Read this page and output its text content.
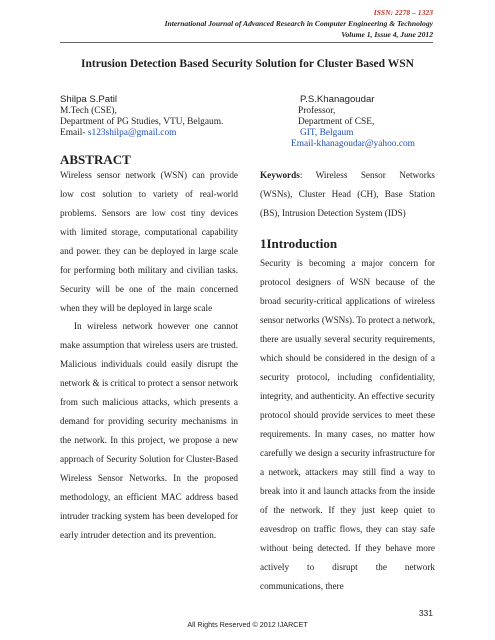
ISSN: 2278 – 1323
International Journal of Advanced Research in Computer Engineering & Technology
Volume 1, Issue 4, June 2012
Intrusion Detection Based Security Solution for Cluster Based WSN
Shilpa S.Patil
M.Tech (CSE),
Department of PG Studies, VTU, Belgaum.
Email- s123shilpa@gmail.com
P.S.Khanagoudar
Professor,
Department of CSE,
GIT, Belgaum
Email-khanagoudar@yahoo.com
ABSTRACT
Wireless sensor network (WSN) can provide low cost solution to variety of real-world problems. Sensors are low cost tiny devices with limited storage, computational capability and power. they can be deployed in large scale for performing both military and civilian tasks. Security will be one of the main concerned when they will be deployed in large scale
In wireless network however one cannot make assumption that wireless users are trusted. Malicious individuals could easily disrupt the network & is critical to protect a sensor network from such malicious attacks, which presents a demand for providing security mechanisms in the network. In this project, we propose a new approach of Security Solution for Cluster-Based Wireless Sensor Networks. In the proposed methodology, an efficient MAC address based intruder tracking system has been developed for early intruder detection and its prevention.
Keywords: Wireless Sensor Networks (WSNs), Cluster Head (CH), Base Station (BS), Intrusion Detection System (IDS)
1Introduction
Security is becoming a major concern for protocol designers of WSN because of the broad security-critical applications of wireless sensor networks (WSNs). To protect a network, there are usually several security requirements, which should be considered in the design of a security protocol, including confidentiality, integrity, and authenticity. An effective security protocol should provide services to meet these requirements. In many cases, no matter how carefully we design a security infrastructure for a network, attackers may still find a way to break into it and launch attacks from the inside of the network. If they just keep quiet to eavesdrop on traffic flows, they can stay safe without being detected. If they behave more actively to disrupt the network communications, there
331
All Rights Reserved © 2012 IJARCET
